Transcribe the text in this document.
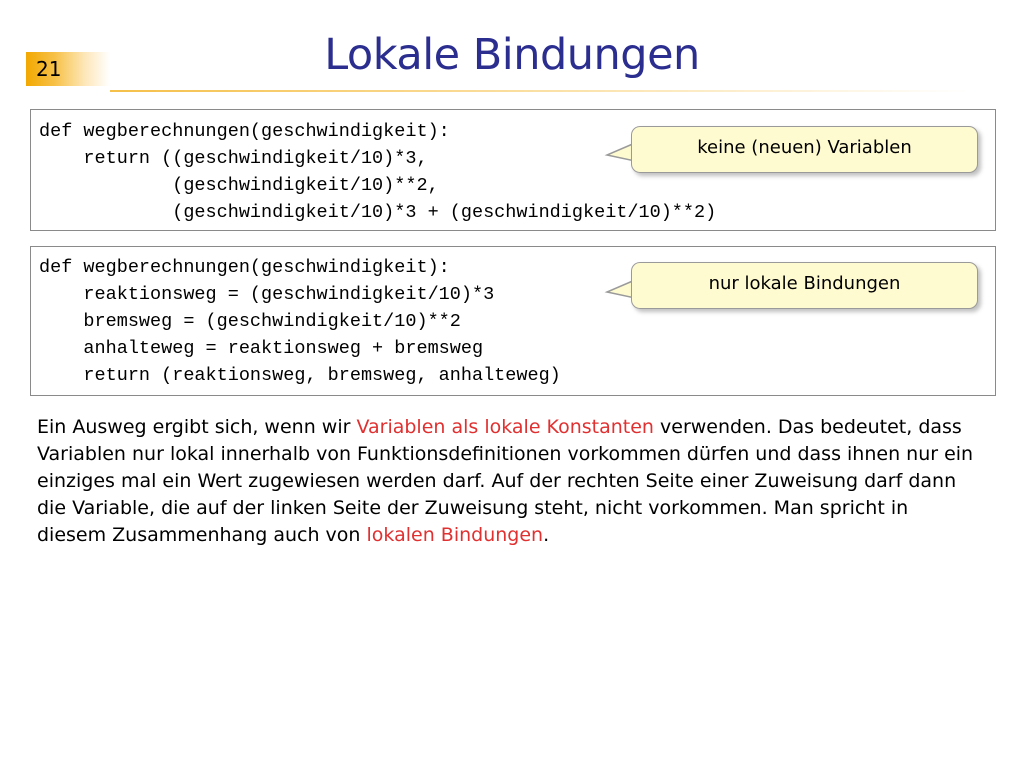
21	Lokale Bindungen
def wegberechnungen(geschwindigkeit):
return ((geschwindigkeit/10)*3,
(geschwindigkeit/10)**2,
(geschwindigkeit/10)*3 + (geschwindigkeit/10)**2)
def wegberechnungen(geschwindigkeit):
reaktionsweg = (geschwindigkeit/10)*3
bremsweg = (geschwindigkeit/10)**2
anhalteweg = reaktionsweg + bremsweg
return (reaktionsweg, bremsweg, anhalteweg)
keine (neuen) Variablen
nur lokale Bindungen
Ein Ausweg ergibt sich, wenn wir Variablen als lokale Konstanten verwenden. Das bedeutet, dass Variablen nur lokal innerhalb von Funktionsdefinitionen vorkommen dürfen und dass ihnen nur ein einziges mal ein Wert zugewiesen werden darf. Auf der rechten Seite einer Zuweisung darf dann die Variable, die auf der linken Seite der Zuweisung steht, nicht vorkommen. Man spricht in diesem Zusammenhang auch von lokalen Bindungen.
